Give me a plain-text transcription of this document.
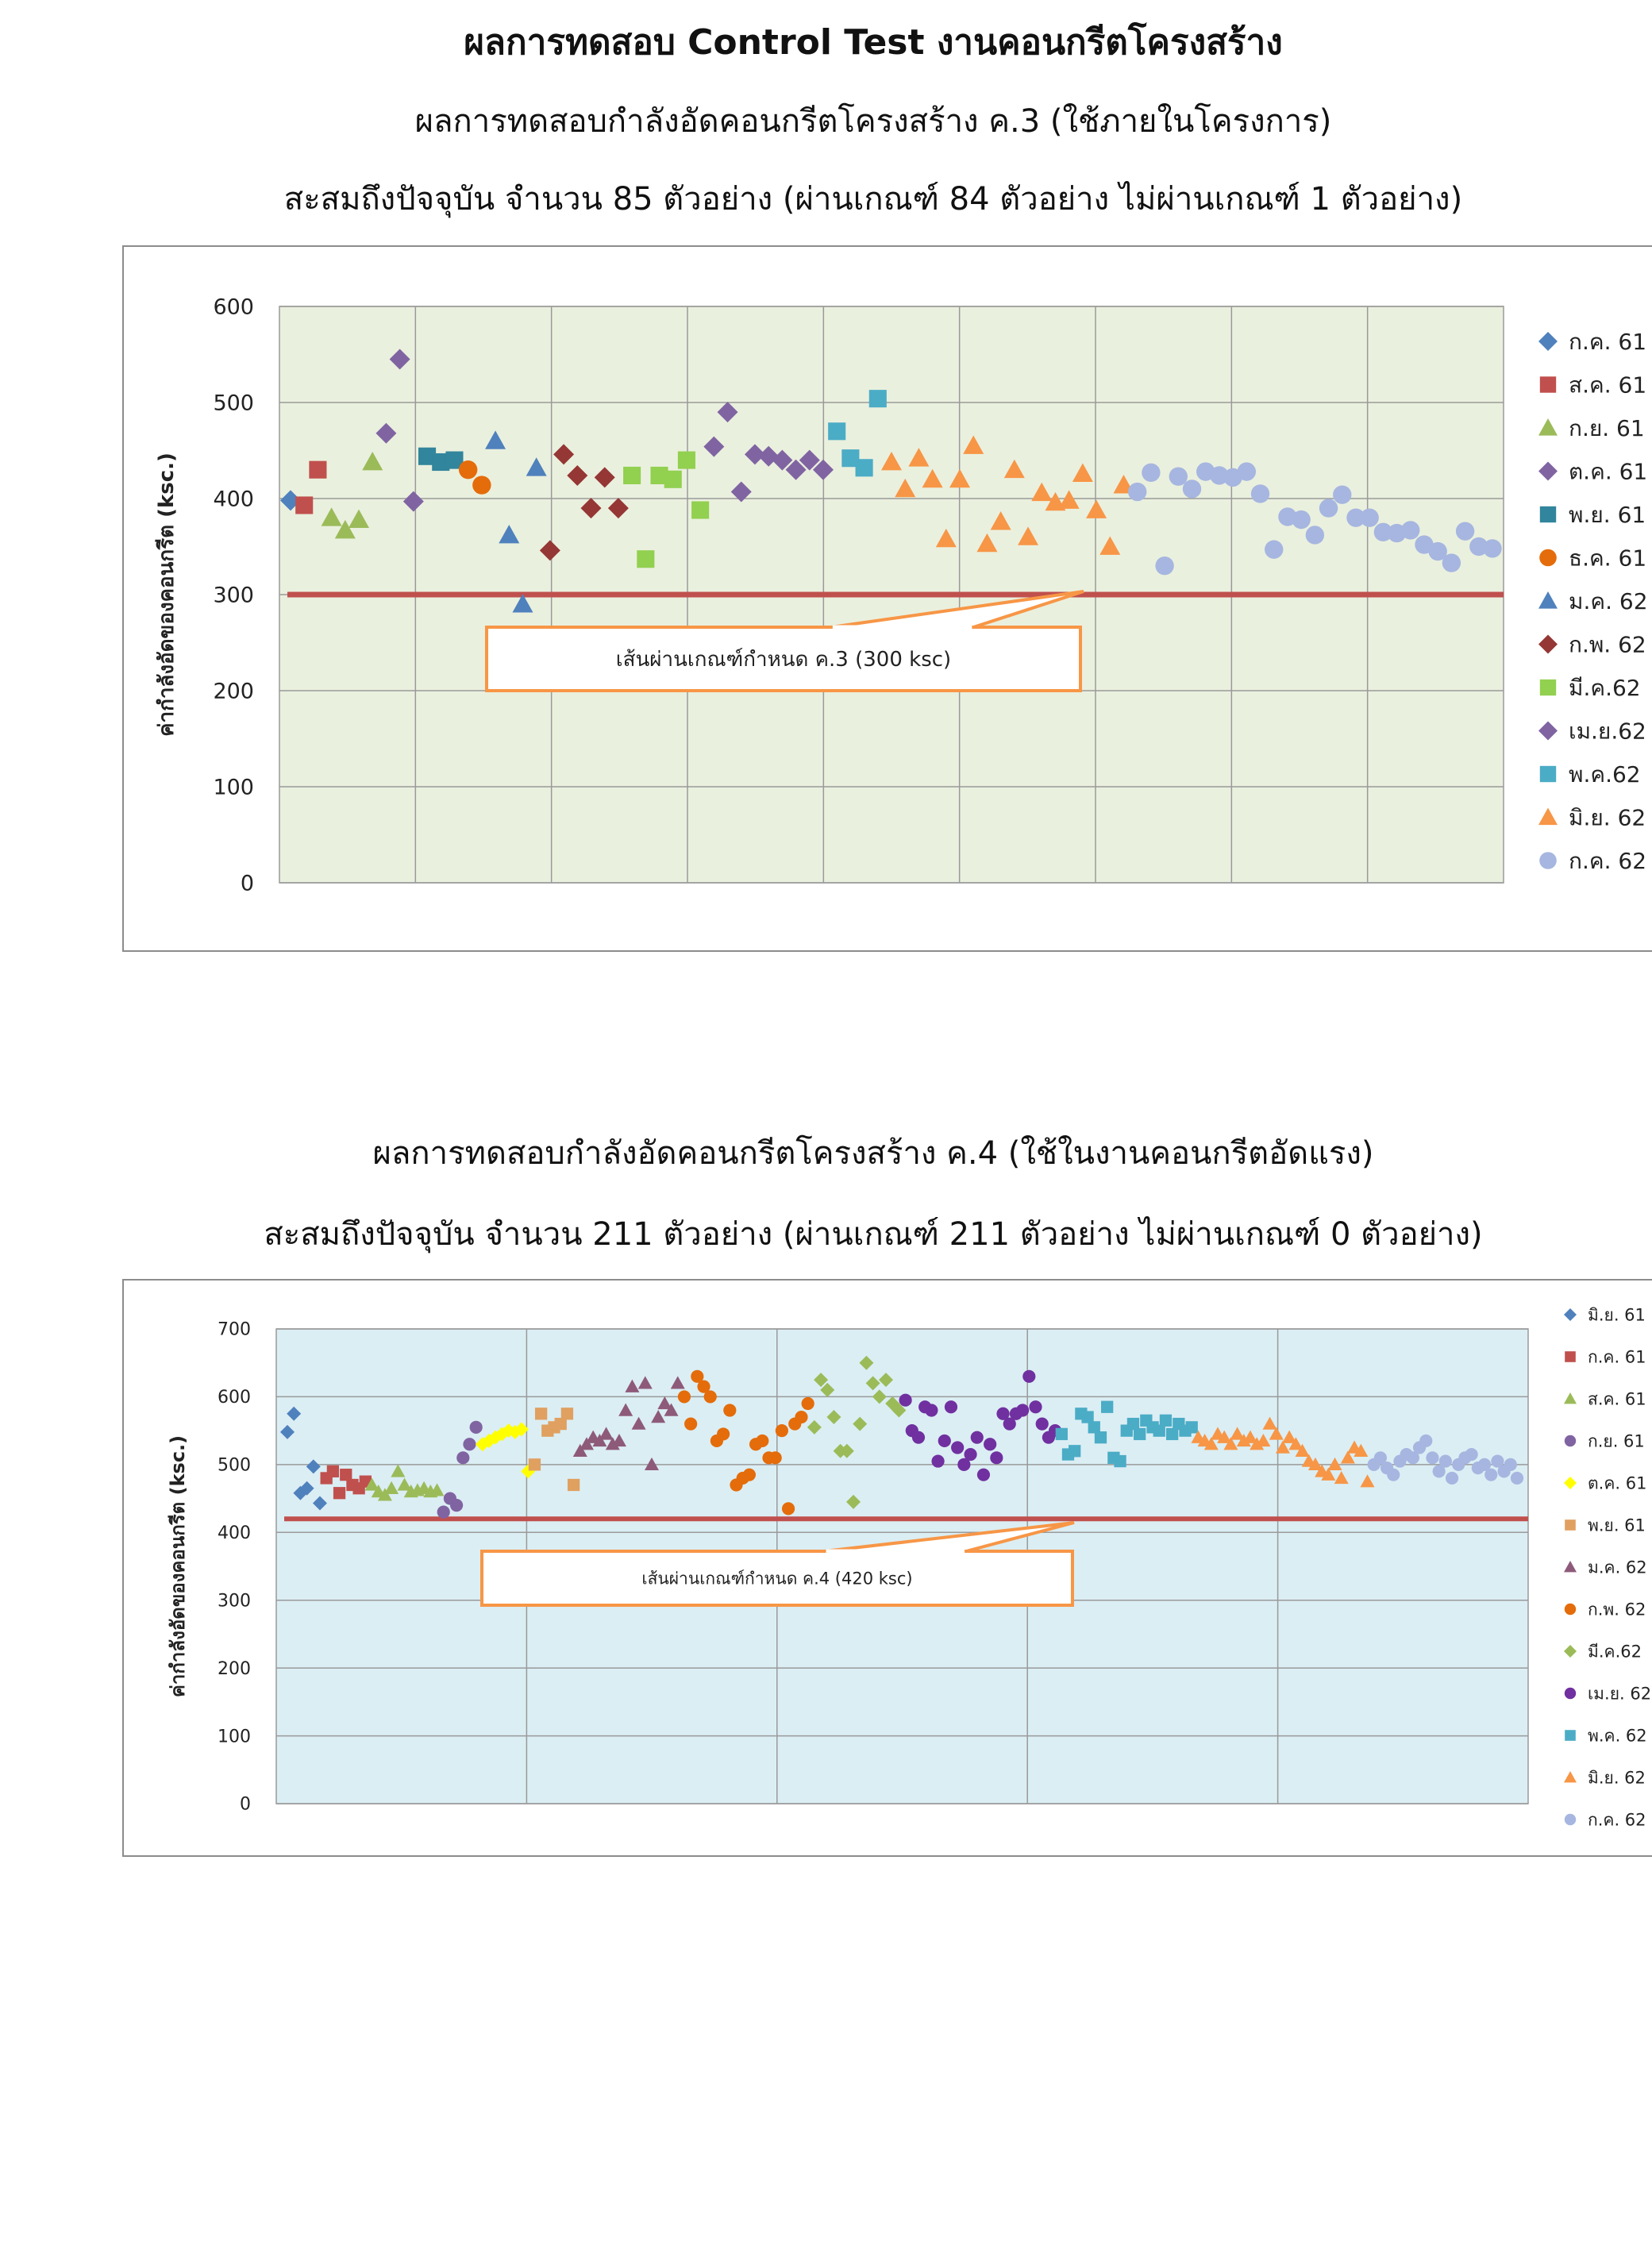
ผลการทดสอบ Control Test งานคอนกรีตโครงสร้าง
ผลการทดสอบกำลังอัดคอนกรีตโครงสร้าง ค.3 (ใช้ภายในโครงการ)
สะสมถึงปัจจุบัน จำนวน 85 ตัวอย่าง (ผ่านเกณฑ์ 84 ตัวอย่าง ไม่ผ่านเกณฑ์ 1 ตัวอย่าง)
0
100
200
300
400
500
600
ค่ากำลังอัดของคอนกรีต (ksc.)	เส้นผ่านเกณฑ์กำหนด ค.3 (300 ksc)
ก.ค. 61
ส.ค. 61
ก.ย. 61
ต.ค. 61
พ.ย. 61
ธ.ค. 61
ม.ค. 62
ก.พ. 62
มี.ค.62
เม.ย.62
พ.ค.62
มิ.ย. 62
ก.ค. 62
ผลการทดสอบกำลังอัดคอนกรีตโครงสร้าง ค.4 (ใช้ในงานคอนกรีตอัดแรง)
สะสมถึงปัจจุบัน จำนวน 211 ตัวอย่าง (ผ่านเกณฑ์ 211 ตัวอย่าง ไม่ผ่านเกณฑ์ 0 ตัวอย่าง)
0
100
200
300
400
500
600
700
ค่ากำลังอัดของคอนกรีต (ksc.)	เส้นผ่านเกณฑ์กำหนด ค.4 (420 ksc)
มิ.ย. 61
ก.ค. 61
ส.ค. 61
ก.ย. 61
ต.ค. 61
พ.ย. 61
ม.ค. 62
ก.พ. 62
มี.ค.62
เม.ย. 62
พ.ค. 62
มิ.ย. 62
ก.ค. 62
